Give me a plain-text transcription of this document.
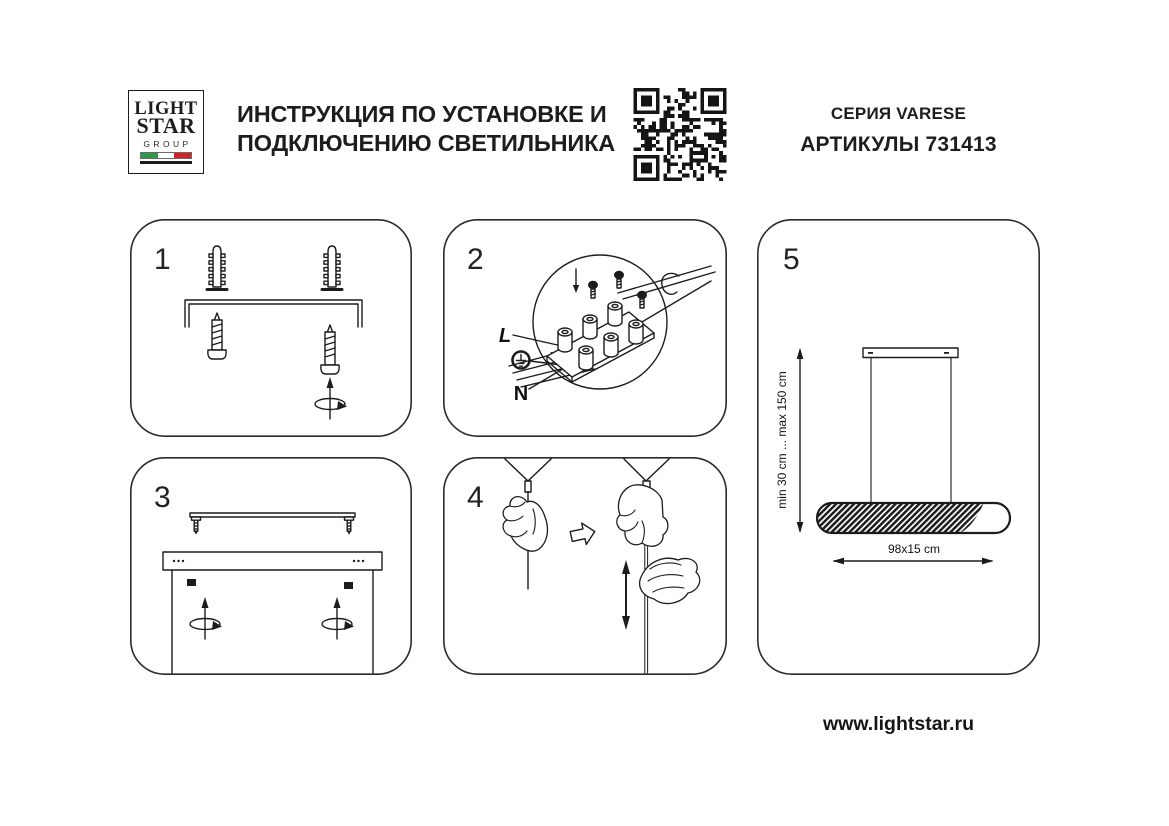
LIGHT
STAR
GROUP
ИНСТРУКЦИЯ ПО УСТАНОВКЕ И
ПОДКЛЮЧЕНИЮ СВЕТИЛЬНИКА
СЕРИЯ VARESE
АРТИКУЛЫ 731413
1	2
L
N
3	4
5
min 30 cm ... max 150 cm
98x15 cm
www.lightstar.ru
